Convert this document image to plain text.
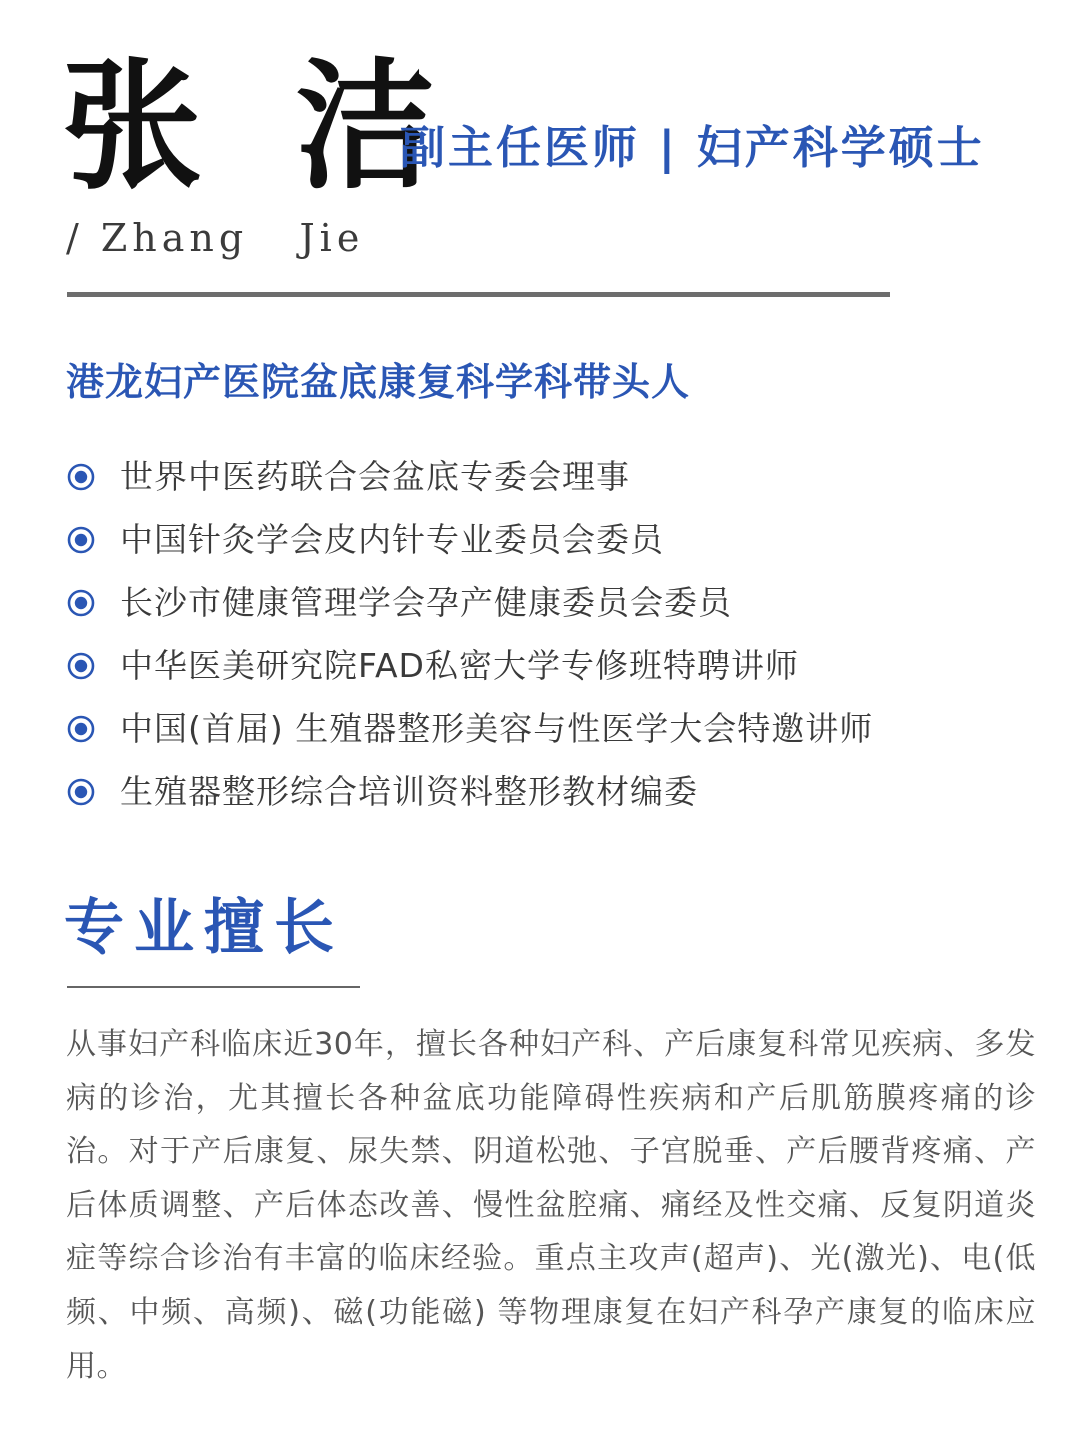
张 洁
副主任医师 | 妇产科学硕士
/ Zhang   Jie
港龙妇产医院盆底康复科学科带头人
世界中医药联合会盆底专委会理事
中国针灸学会皮内针专业委员会委员
长沙市健康管理学会孕产健康委员会委员
中华医美研究院FAD私密大学专修班特聘讲师
中国(首届) 生殖器整形美容与性医学大会特邀讲师
生殖器整形综合培训资料整形教材编委
专业擅长

从事妇产科临床近30年，擅长各种妇产科、产后康复科常见疾病、多发病的诊治，尤其擅长各种盆底功能障碍性疾病和产后肌筋膜疼痛的诊治。对于产后康复、尿失禁、阴道松弛、子宫脱垂、产后腰背疼痛、产后体质调整、产后体态改善、慢性盆腔痛、痛经及性交痛、反复阴道炎症等综合诊治有丰富的临床经验。重点主攻声(超声)、光(激光)、电(低频、中频、高频)、磁(功能磁) 等物理康复在妇产科孕产康复的临床应用。
